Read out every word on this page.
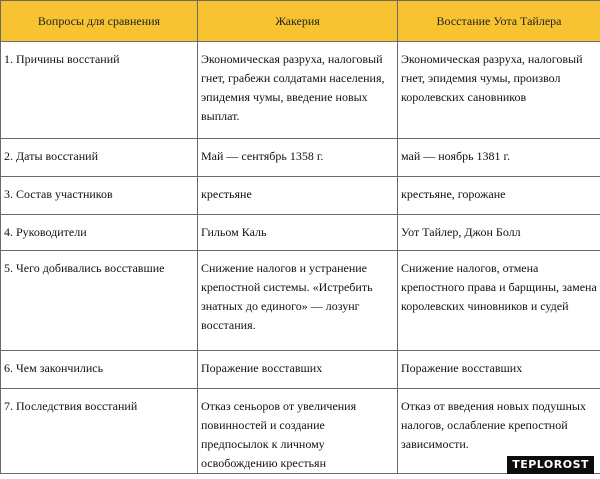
Вопросы для сравнения	Жакерия	Восстание Уота Тайлера

1. Причины восстаний	Экономическая разруха, налоговый гнет, грабежи солдатами населения, эпидемия чумы, введение новых выплат.	Экономическая разруха, налоговый гнет, эпидемия чумы, произвол королевских сановников

2. Даты восстаний	Май — сентябрь 1358 г.	май — ноябрь 1381 г.

3. Состав участников	крестьяне	крестьяне, горожане

4. Руководители	Гильом Каль	Уот Тайлер, Джон Болл

5. Чего добивались восставшие	Снижение налогов и устранение крепостной системы. «Истребить знатных до единого» — лозунг восстания.	Снижение налогов, отмена крепостного права и барщины, замена королевских чиновников и судей

6. Чем закончились	Поражение восставших	Поражение восставших

7. Последствия восстаний	Отказ сеньоров от увеличения повинностей и создание предпосылок к личному освобождению крестьян	Отказ от введения новых подушных налогов, ослабление крепостной зависимости.
TEPLOROST
